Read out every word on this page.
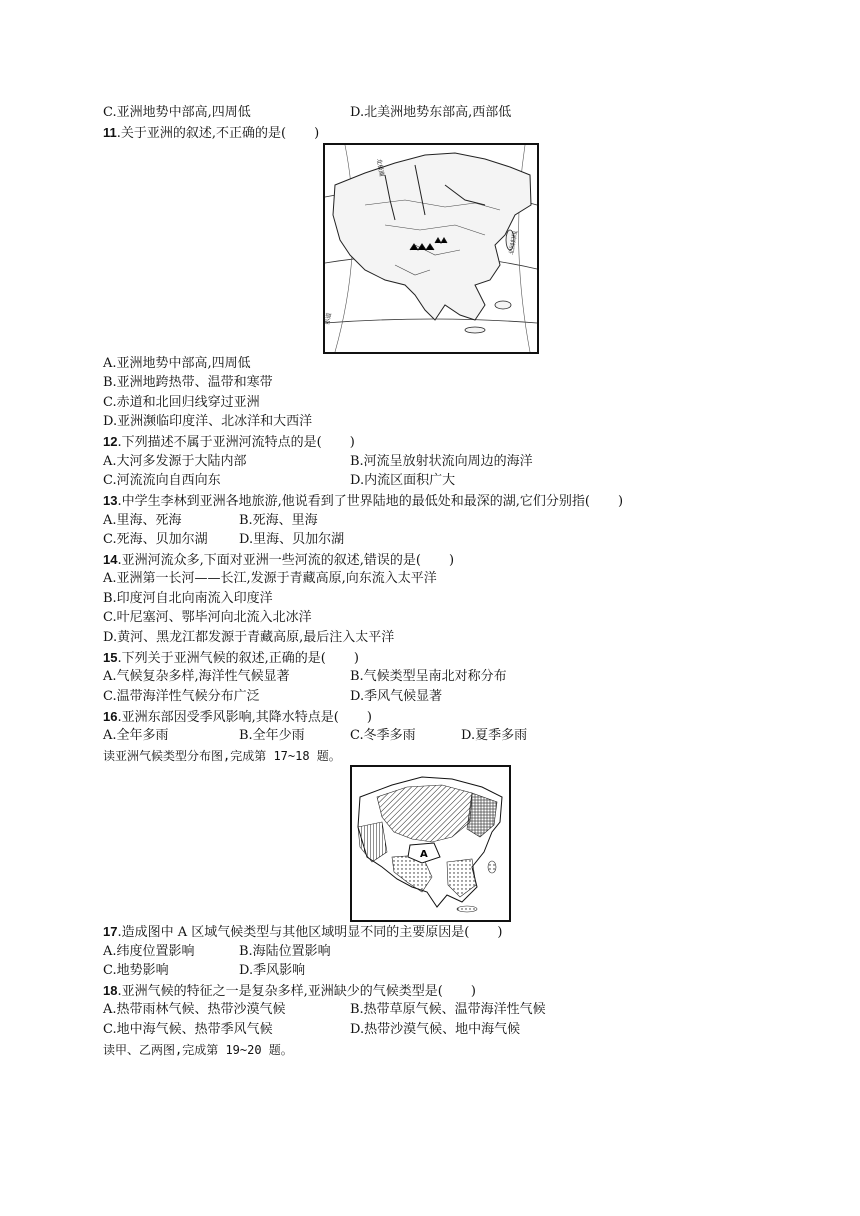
C.亚洲地势中部高,四周低	D.北美洲地势东部高,西部低
11.关于亚洲的叙述,不正确的是( )
北极圈
北回归线
赤道
A.亚洲地势中部高,四周低
B.亚洲地跨热带、温带和寒带
C.赤道和北回归线穿过亚洲
D.亚洲濒临印度洋、北冰洋和大西洋
12.下列描述不属于亚洲河流特点的是( )
A.大河多发源于大陆内部	B.河流呈放射状流向周边的海洋
C.河流流向自西向东	D.内流区面积广大
13.中学生李林到亚洲各地旅游,他说看到了世界陆地的最低处和最深的湖,它们分别指( )
A.里海、死海	B.死海、里海
C.死海、贝加尔湖 D.里海、贝加尔湖
14.亚洲河流众多,下面对亚洲一些河流的叙述,错误的是( )
A.亚洲第一长河——长江,发源于青藏高原,向东流入太平洋
B.印度河自北向南流入印度洋
C.叶尼塞河、鄂毕河向北流入北冰洋
D.黄河、黑龙江都发源于青藏高原,最后注入太平洋
15.下列关于亚洲气候的叙述,正确的是( )
A.气候复杂多样,海洋性气候显著	B.气候类型呈南北对称分布
C.温带海洋性气候分布广泛	D.季风气候显著
16.亚洲东部因受季风影响,其降水特点是( )
A.全年多雨	B.全年少雨	C.冬季多雨	D.夏季多雨
读亚洲气候类型分布图,完成第 17~18 题。
A
17.造成图中 A 区域气候类型与其他区域明显不同的主要原因是( )
A.纬度位置影响	B.海陆位置影响
C.地势影响	D.季风影响
18.亚洲气候的特征之一是复杂多样,亚洲缺少的气候类型是( )
A.热带雨林气候、热带沙漠气候	B.热带草原气候、温带海洋性气候
C.地中海气候、热带季风气候	D.热带沙漠气候、地中海气候
读甲、乙两图,完成第 19~20 题。
